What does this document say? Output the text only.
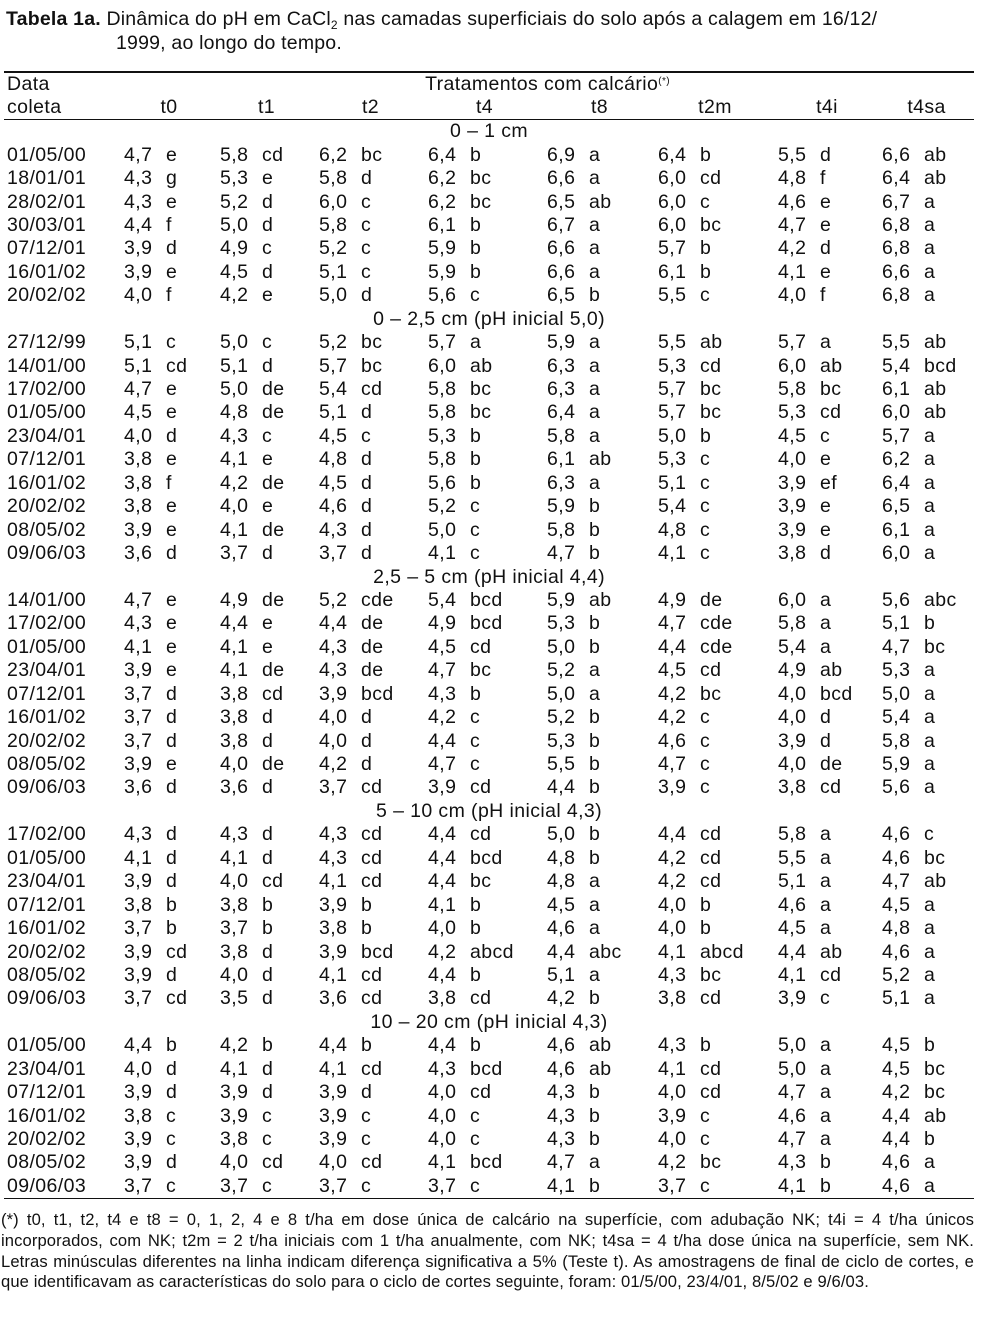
Tabela 1a. Dinâmica do pH em CaCl$_2$ nas camadas superficiais do solo após a calagem em 16/12/
1999, ao longo do tempo.
Data	Tratamentos com calcário(*)
coleta	t0	t1	t2	t4	t8	t2m	t4i	t4sa
0 – 1 cm								
01/05/00	4,7 e	5,8 cd	6,2 bc	6,4 b	6,9 a	6,4 b	5,5 d	6,6 ab
18/01/01	4,3 g	5,3 e	5,8 d	6,2 bc	6,6 a	6,0 cd	4,8 f	6,4 ab
28/02/01	4,3 e	5,2 d	6,0 c	6,2 bc	6,5 ab	6,0 c	4,6 e	6,7 a
30/03/01	4,4 f	5,0 d	5,8 c	6,1 b	6,7 a	6,0 bc	4,7 e	6,8 a
07/12/01	3,9 d	4,9 c	5,2 c	5,9 b	6,6 a	5,7 b	4,2 d	6,8 a
16/01/02	3,9 e	4,5 d	5,1 c	5,9 b	6,6 a	6,1 b	4,1 e	6,6 a
20/02/02	4,0 f	4,2 e	5,0 d	5,6 c	6,5 b	5,5 c	4,0 f	6,8 a
0 – 2,5 cm (pH inicial 5,0)								
27/12/99	5,1 c	5,0 c	5,2 bc	5,7 a	5,9 a	5,5 ab	5,7 a	5,5 ab
14/01/00	5,1 cd	5,1 d	5,7 bc	6,0 ab	6,3 a	5,3 cd	6,0 ab	5,4 bcd
17/02/00	4,7 e	5,0 de	5,4 cd	5,8 bc	6,3 a	5,7 bc	5,8 bc	6,1 ab
01/05/00	4,5 e	4,8 de	5,1 d	5,8 bc	6,4 a	5,7 bc	5,3 cd	6,0 ab
23/04/01	4,0 d	4,3 c	4,5 c	5,3 b	5,8 a	5,0 b	4,5 c	5,7 a
07/12/01	3,8 e	4,1 e	4,8 d	5,8 b	6,1 ab	5,3 c	4,0 e	6,2 a
16/01/02	3,8 f	4,2 de	4,5 d	5,6 b	6,3 a	5,1 c	3,9 ef	6,4 a
20/02/02	3,8 e	4,0 e	4,6 d	5,2 c	5,9 b	5,4 c	3,9 e	6,5 a
08/05/02	3,9 e	4,1 de	4,3 d	5,0 c	5,8 b	4,8 c	3,9 e	6,1 a
09/06/03	3,6 d	3,7 d	3,7 d	4,1 c	4,7 b	4,1 c	3,8 d	6,0 a
2,5 – 5 cm (pH inicial 4,4)								
14/01/00	4,7 e	4,9 de	5,2 cde	5,4 bcd	5,9 ab	4,9 de	6,0 a	5,6 abc
17/02/00	4,3 e	4,4 e	4,4 de	4,9 bcd	5,3 b	4,7 cde	5,8 a	5,1 b
01/05/00	4,1 e	4,1 e	4,3 de	4,5 cd	5,0 b	4,4 cde	5,4 a	4,7 bc
23/04/01	3,9 e	4,1 de	4,3 de	4,7 bc	5,2 a	4,5 cd	4,9 ab	5,3 a
07/12/01	3,7 d	3,8 cd	3,9 bcd	4,3 b	5,0 a	4,2 bc	4,0 bcd	5,0 a
16/01/02	3,7 d	3,8 d	4,0 d	4,2 c	5,2 b	4,2 c	4,0 d	5,4 a
20/02/02	3,7 d	3,8 d	4,0 d	4,4 c	5,3 b	4,6 c	3,9 d	5,8 a
08/05/02	3,9 e	4,0 de	4,2 d	4,7 c	5,5 b	4,7 c	4,0 de	5,9 a
09/06/03	3,6 d	3,6 d	3,7 cd	3,9 cd	4,4 b	3,9 c	3,8 cd	5,6 a
5 – 10 cm (pH inicial 4,3)								
17/02/00	4,3 d	4,3 d	4,3 cd	4,4 cd	5,0 b	4,4 cd	5,8 a	4,6 c
01/05/00	4,1 d	4,1 d	4,3 cd	4,4 bcd	4,8 b	4,2 cd	5,5 a	4,6 bc
23/04/01	3,9 d	4,0 cd	4,1 cd	4,4 bc	4,8 a	4,2 cd	5,1 a	4,7 ab
07/12/01	3,8 b	3,8 b	3,9 b	4,1 b	4,5 a	4,0 b	4,6 a	4,5 a
16/01/02	3,7 b	3,7 b	3,8 b	4,0 b	4,6 a	4,0 b	4,5 a	4,8 a
20/02/02	3,9 cd	3,8 d	3,9 bcd	4,2 abcd	4,4 abc	4,1 abcd	4,4 ab	4,6 a
08/05/02	3,9 d	4,0 d	4,1 cd	4,4 b	5,1 a	4,3 bc	4,1 cd	5,2 a
09/06/03	3,7 cd	3,5 d	3,6 cd	3,8 cd	4,2 b	3,8 cd	3,9 c	5,1 a
10 – 20 cm (pH inicial 4,3)								
01/05/00	4,4 b	4,2 b	4,4 b	4,4 b	4,6 ab	4,3 b	5,0 a	4,5 b
23/04/01	4,0 d	4,1 d	4,1 cd	4,3 bcd	4,6 ab	4,1 cd	5,0 a	4,5 bc
07/12/01	3,9 d	3,9 d	3,9 d	4,0 cd	4,3 b	4,0 cd	4,7 a	4,2 bc
16/01/02	3,8 c	3,9 c	3,9 c	4,0 c	4,3 b	3,9 c	4,6 a	4,4 ab
20/02/02	3,9 c	3,8 c	3,9 c	4,0 c	4,3 b	4,0 c	4,7 a	4,4 b
08/05/02	3,9 d	4,0 cd	4,0 cd	4,1 bcd	4,7 a	4,2 bc	4,3 b	4,6 a
09/06/03	3,7 c	3,7 c	3,7 c	3,7 c	4,1 b	3,7 c	4,1 b	4,6 a
(*) t0, t1, t2, t4 e t8 = 0, 1, 2, 4 e 8 t/ha em dose única de calcário na superfície, com adubação NK; t4i = 4 t/ha únicos incorporados, com NK; t2m = 2 t/ha iniciais com 1 t/ha anualmente, com NK; t4sa = 4 t/ha dose única na superfície, sem NK. Letras minúsculas diferentes na linha indicam diferença significativa a 5% (Teste t). As amostragens de final de ciclo de cortes, e que identificavam as características do solo para o ciclo de cortes seguinte, foram: 01/5/00, 23/4/01, 8/5/02 e 9/6/03.
